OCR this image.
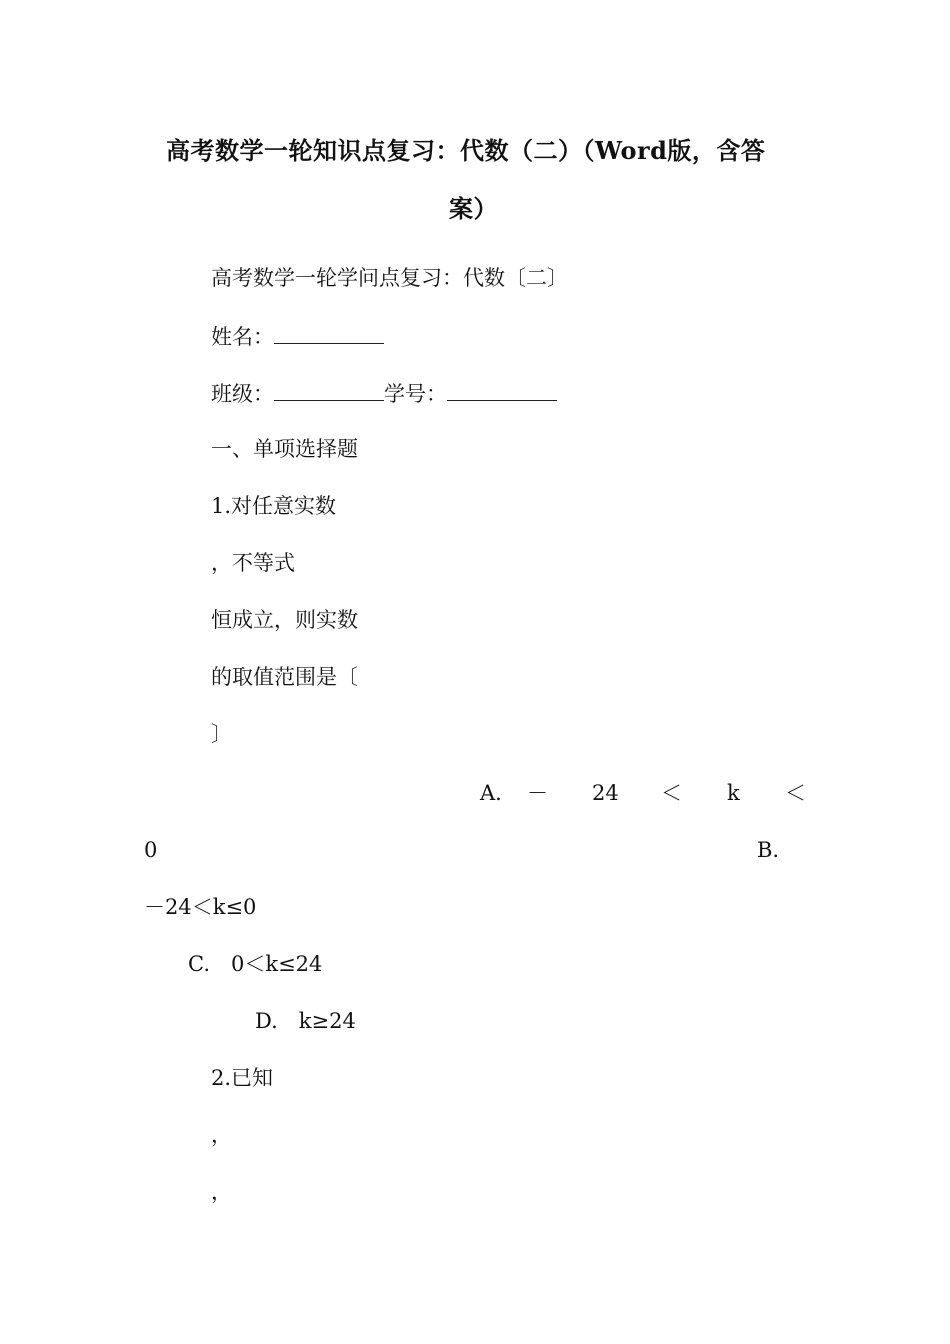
高考数学一轮知识点复习：代数（二）（Word版，含答
案）
高考数学一轮学问点复习：代数〔二〕
姓名：
班级：	学号：
一、单项选择题
1.对任意实数
，不等式
恒成立，则实数
的取值范围是〔
〕
A. － 24 ＜ k ＜
0	B.
－24＜k≤0
C.　0＜k≤24
D.　k≥24
2.已知
，
，
